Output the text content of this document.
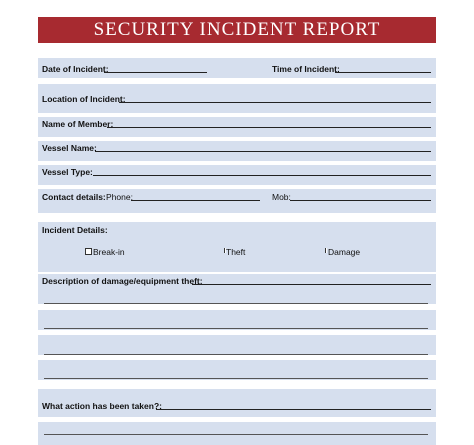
SECURITY INCIDENT REPORT
Date of Incident:	Time of Incident:
Location of Incident:
Name of Member:
Vessel Name:
Vessel Type:
Contact details: Phone:	Mob:
Incident Details:
Break-in	Theft	Damage
Description of damage/equipment theft:
What action has been taken?:
